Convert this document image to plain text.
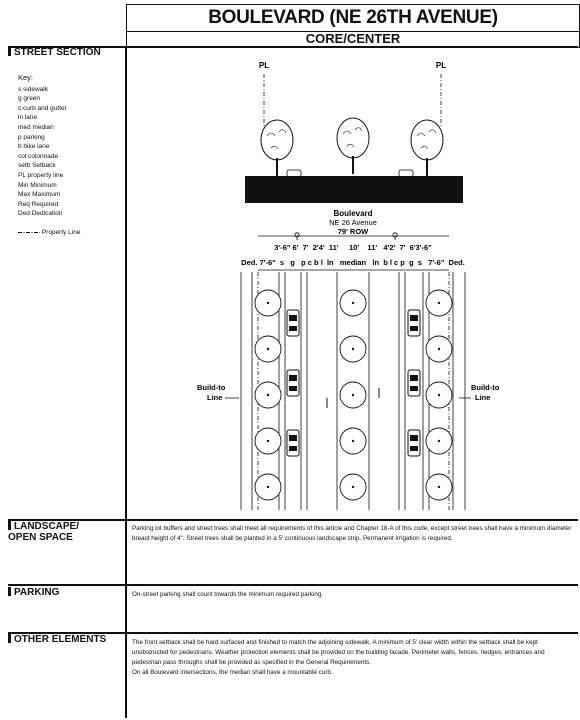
BOULEVARD (NE 26TH AVENUE)
CORE/CENTER
STREET SECTION
LANDSCAPE/
OPEN SPACE
PARKING
OTHER ELEMENTS
Key:
s sidewalk
g green
c curb and gutter
ln lane
med median
p parking
b bike lane
col colonnade
setb Setback
PL property line
Min Minimum
Max Maximum
Req Required
Ded Dedication
Property Line
PL	PL
Boulevard
NE 26 Avenue
79' ROW
⚲	⚲
3'-6" 6'  7'  2'4'  11'     10'    11'   4'2'  7'  6'3'-6"
Ded. 7'-6"  s   g   p c b l  ln   median   ln  b l c p  g  s   7'-6"  Ded.
Build-to
Line
Build-to
Line
Parking lot buffers and street trees shall meet all requirements of this article and Chapter 18-A of this code, except street trees shall have a minimum diameter breast height of 4". Street trees shall be planted in a 5' continuous landscape strip. Permanent irrigation is required.
On-street parking shall count towards the minimum required parking.

The front setback shall be hard surfaced and finished to match the adjoining sidewalk. A minimum of 5' clear width within the setback shall be kept unobstructed for pedestrians. Weather protection elements shall be provided on the building facade. Perimeter walls, fences, hedges, entrances and pedestrian pass throughs shall be provided as specified in the General Requirements.

On all Boulevard intersections, the median shall have a mountable curb.
